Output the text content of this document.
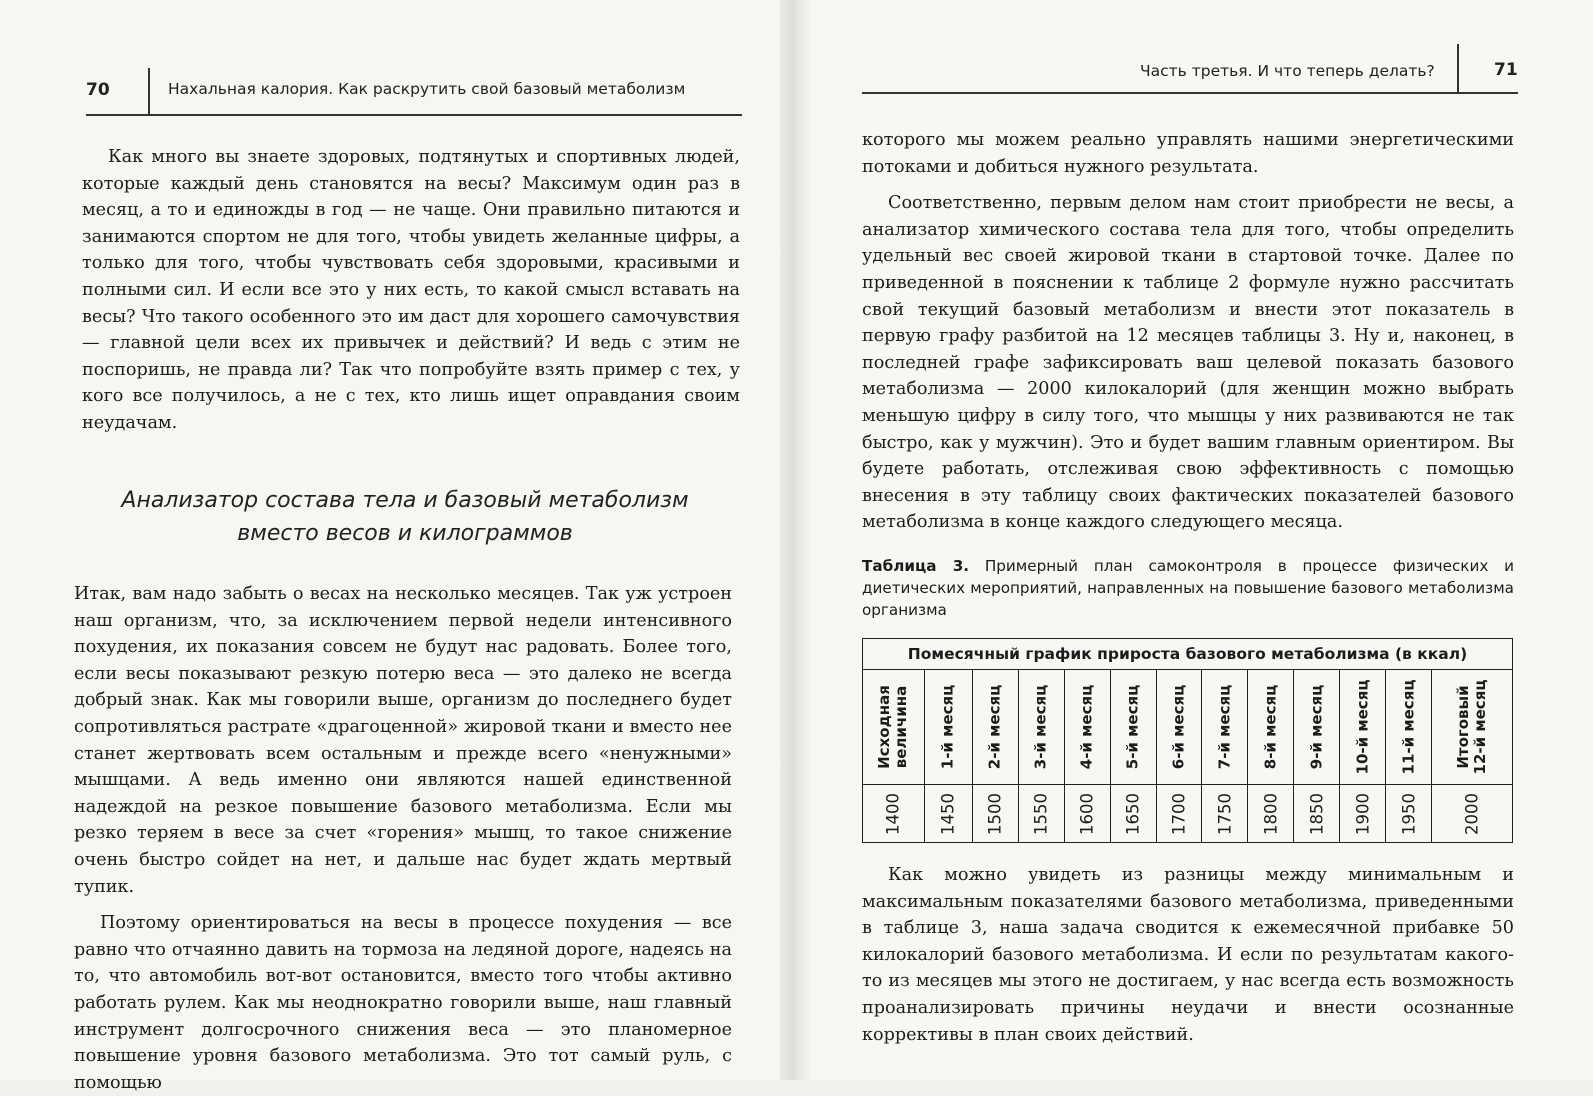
70	Нахальная калория. Как раскрутить свой базовый метаболизм

Как много вы знаете здоровых, подтянутых и спортивных людей, которые каждый день становятся на весы? Максимум один раз в месяц, а то и единожды в год — не чаще. Они правильно питаются и занимаются спортом не для того, чтобы увидеть желанные цифры, а только для того, чтобы чувствовать себя здоровыми, красивыми и полными сил. И если все это у них есть, то какой смысл вставать на весы? Что такого особенного это им даст для хорошего самочувствия — главной цели всех их привычек и действий? И ведь с этим не поспоришь, не правда ли? Так что попробуйте взять пример с тех, у кого все получилось, а не с тех, кто лишь ищет оправдания своим неудачам.

Анализатор состава тела и базовый метаболизм
вместо весов и килограммов

Итак, вам надо забыть о весах на несколько месяцев. Так уж устроен наш организм, что, за исключением первой недели интенсивного похудения, их показания совсем не будут нас радовать. Более того, если весы показывают резкую потерю веса — это далеко не всегда добрый знак. Как мы говорили выше, организм до последнего будет сопротивляться растрате «драгоценной» жировой ткани и вместо нее станет жертвовать всем остальным и прежде всего «ненужными» мышцами. А ведь именно они являются нашей единственной надеждой на резкое повышение базового метаболизма. Если мы резко теряем в весе за счет «горения» мышц, то такое снижение очень быстро сойдет на нет, и дальше нас будет ждать мертвый тупик.

Поэтому ориентироваться на весы в процессе похудения — все равно что отчаянно давить на тормоза на ледяной дороге, надеясь на то, что автомобиль вот-вот остановится, вместо того чтобы активно работать рулем. Как мы неоднократно говорили выше, наш главный инструмент долгосрочного снижения веса — это планомерное повышение уровня базового метаболизма. Это тот самый руль, с помощью

Часть третья. И что теперь делать?	71

которого мы можем реально управлять нашими энергетическими потоками и добиться нужного результата.

Соответственно, первым делом нам стоит приобрести не весы, а анализатор химического состава тела для того, чтобы определить удельный вес своей жировой ткани в стартовой точке. Далее по приведенной в пояснении к таблице 2 формуле нужно рассчитать свой текущий базовый метаболизм и внести этот показатель в первую графу разбитой на 12 месяцев таблицы 3. Ну и, наконец, в последней графе зафиксировать ваш целевой показать базового метаболизма — 2000 килокалорий (для женщин можно выбрать меньшую цифру в силу того, что мышцы у них развиваются не так быстро, как у мужчин). Это и будет вашим главным ориентиром. Вы будете работать, отслеживая свою эффективность с помощью внесения в эту таблицу своих фактических показателей базового метаболизма в конце каждого следующего месяца.

Таблица 3. Примерный план самоконтроля в процессе физических и диетических мероприятий, направленных на повышение базового метаболизма организма
Помесячный график прироста базового метаболизма (в ккал)												

Исходная
величина	1-й месяц	2-й месяц	3-й месяц	4-й месяц	5-й месяц	6-й месяц	7-й месяц	8-й месяц	9-й месяц	10-й месяц	11-й месяц	Итоговый
12-й месяц

1400	1450	1500	1550	1600	1650	1700	1750	1800	1850	1900	1950	2000

Как можно увидеть из разницы между минимальным и максимальным показателями базового метаболизма, приведенными в таблице 3, наша задача сводится к ежемесячной прибавке 50 килокалорий базового метаболизма. И если по результатам какого-то из месяцев мы этого не достигаем, у нас всегда есть возможность проанализировать причины неудачи и внести осознанные коррективы в план своих действий.
